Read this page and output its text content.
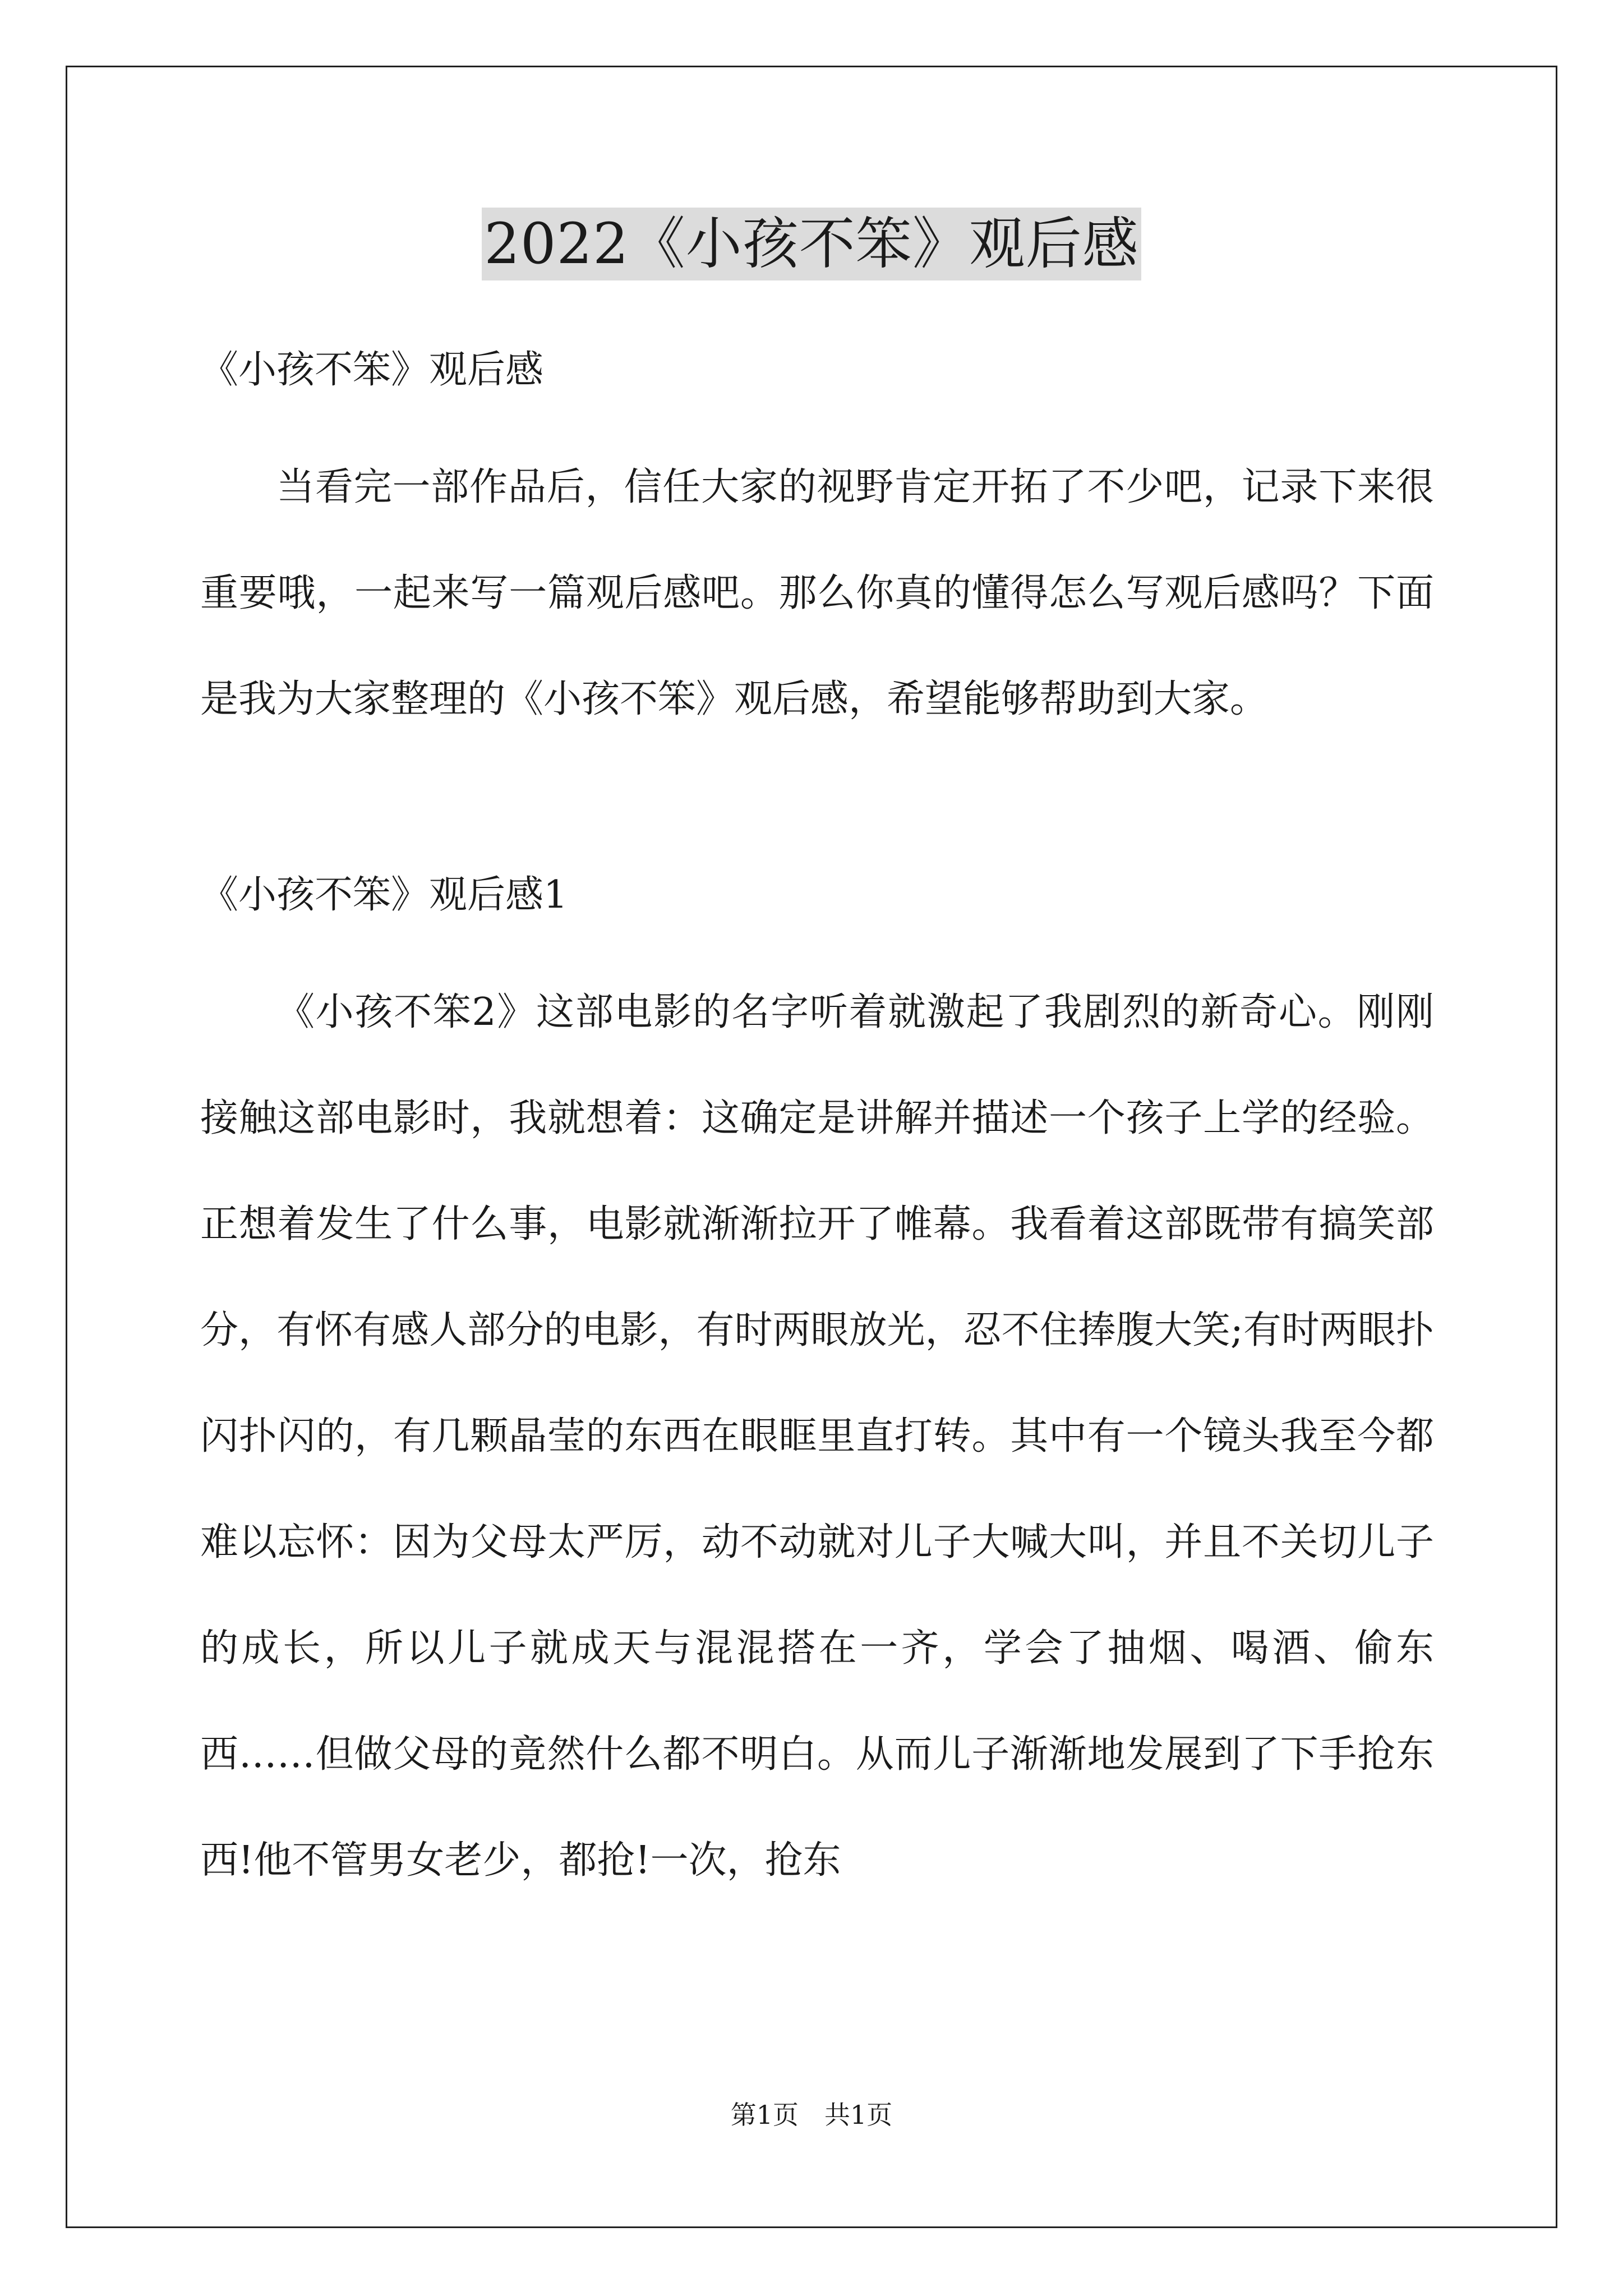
2022《小孩不笨》观后感

《小孩不笨》观后感

当看完一部作品后，信任大家的视野肯定开拓了不少吧，记录下来很重要哦，一起来写一篇观后感吧。那么你真的懂得怎么写观后感吗？下面是我为大家整理的《小孩不笨》观后感，希望能够帮助到大家。

《小孩不笨》观后感1

《小孩不笨2》这部电影的名字听着就激起了我剧烈的新奇心。刚刚接触这部电影时，我就想着：这确定是讲解并描述一个孩子上学的经验。正想着发生了什么事，电影就渐渐拉开了帷幕。我看着这部既带有搞笑部分，有怀有感人部分的电影，有时两眼放光，忍不住捧腹大笑;有时两眼扑闪扑闪的，有几颗晶莹的东西在眼眶里直打转。其中有一个镜头我至今都难以忘怀：因为父母太严厉，动不动就对儿子大喊大叫，并且不关切儿子的成长，所以儿子就成天与混混搭在一齐，学会了抽烟、喝酒、偷东西……但做父母的竟然什么都不明白。从而儿子渐渐地发展到了下手抢东西!他不管男女老少，都抢!一次，抢东

第1页　共1页
